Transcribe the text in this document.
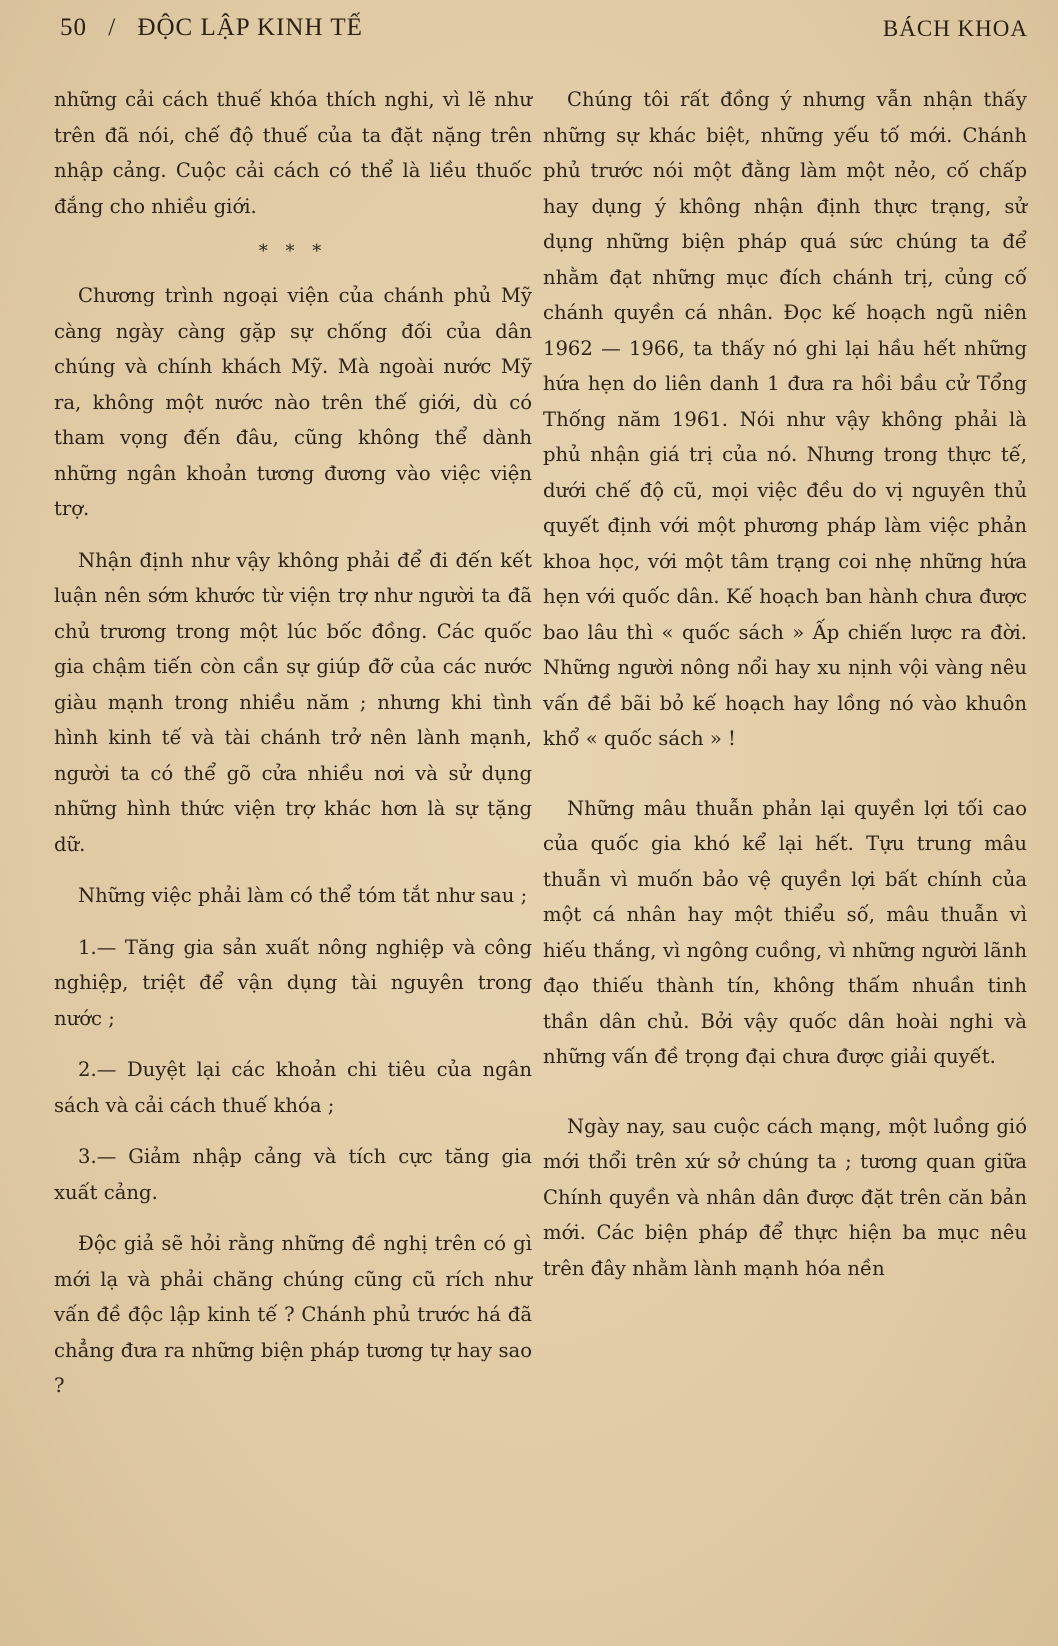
50 / ĐỘC LẬP KINH TẾ	BÁCH KHOA

những cải cách thuế khóa thích nghi, vì lẽ như trên đã nói, chế độ thuế của ta đặt nặng trên nhập cảng. Cuộc cải cách có thể là liều thuốc đắng cho nhiều giới.

* * *

Chương trình ngoại viện của chánh phủ Mỹ càng ngày càng gặp sự chống đối của dân chúng và chính khách Mỹ. Mà ngoài nước Mỹ ra, không một nước nào trên thế giới, dù có tham vọng đến đâu, cũng không thể dành những ngân khoản tương đương vào việc viện trợ.

Nhận định như vậy không phải để đi đến kết luận nên sớm khước từ viện trợ như người ta đã chủ trương trong một lúc bốc đồng. Các quốc gia chậm tiến còn cần sự giúp đỡ của các nước giàu mạnh trong nhiều năm ; nhưng khi tình hình kinh tế và tài chánh trở nên lành mạnh, người ta có thể gõ cửa nhiều nơi và sử dụng những hình thức viện trợ khác hơn là sự tặng dữ.

Những việc phải làm có thể tóm tắt như sau ;

1.— Tăng gia sản xuất nông nghiệp và công nghiệp, triệt để vận dụng tài nguyên trong nước ;

2.— Duyệt lại các khoản chi tiêu của ngân sách và cải cách thuế khóa ;

3.— Giảm nhập cảng và tích cực tăng gia xuất cảng.

Độc giả sẽ hỏi rằng những đề nghị trên có gì mới lạ và phải chăng chúng cũng cũ rích như vấn đề độc lập kinh tế ? Chánh phủ trước há đã chẳng đưa ra những biện pháp tương tự hay sao ?

Chúng tôi rất đồng ý nhưng vẫn nhận thấy những sự khác biệt, những yếu tố mới. Chánh phủ trước nói một đằng làm một nẻo, cố chấp hay dụng ý không nhận định thực trạng, sử dụng những biện pháp quá sức chúng ta để nhằm đạt những mục đích chánh trị, củng cố chánh quyền cá nhân. Đọc kế hoạch ngũ niên 1962 — 1966, ta thấy nó ghi lại hầu hết những hứa hẹn do liên danh 1 đưa ra hồi bầu cử Tổng Thống năm 1961. Nói như vậy không phải là phủ nhận giá trị của nó. Nhưng trong thực tế, dưới chế độ cũ, mọi việc đều do vị nguyên thủ quyết định với một phương pháp làm việc phản khoa học, với một tâm trạng coi nhẹ những hứa hẹn với quốc dân. Kế hoạch ban hành chưa được bao lâu thì « quốc sách » Ấp chiến lược ra đời. Những người nông nổi hay xu nịnh vội vàng nêu vấn đề bãi bỏ kế hoạch hay lồng nó vào khuôn khổ « quốc sách » !

Những mâu thuẫn phản lại quyền lợi tối cao của quốc gia khó kể lại hết. Tựu trung mâu thuẫn vì muốn bảo vệ quyền lợi bất chính của một cá nhân hay một thiểu số, mâu thuẫn vì hiếu thắng, vì ngông cuồng, vì những người lãnh đạo thiếu thành tín, không thấm nhuần tinh thần dân chủ. Bởi vậy quốc dân hoài nghi và những vấn đề trọng đại chưa được giải quyết.

Ngày nay, sau cuộc cách mạng, một luồng gió mới thổi trên xứ sở chúng ta ; tương quan giữa Chính quyền và nhân dân được đặt trên căn bản mới. Các biện pháp để thực hiện ba mục nêu trên đây nhằm lành mạnh hóa nền
